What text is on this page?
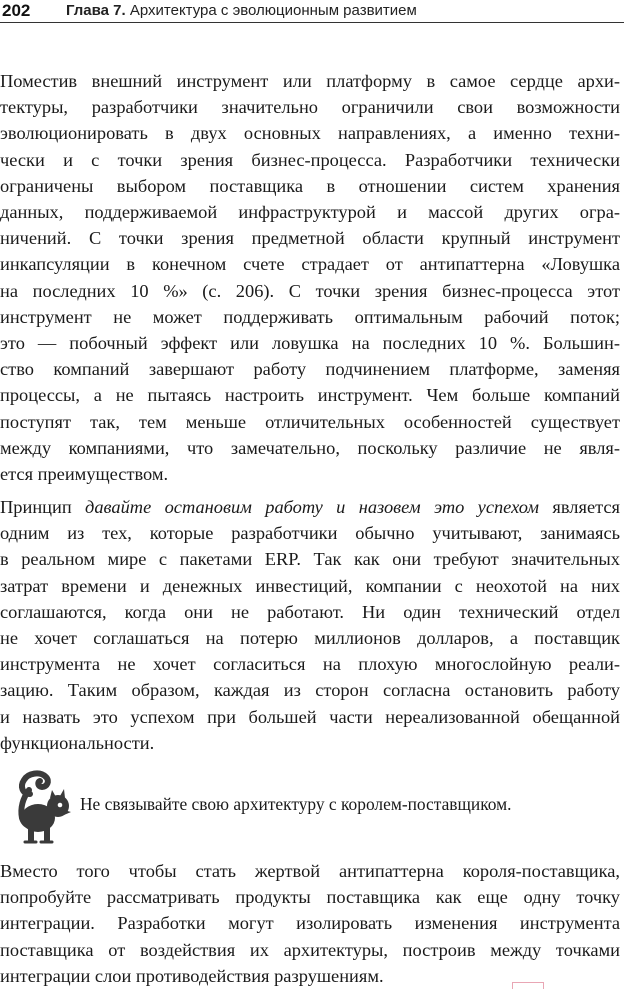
202 Глава 7. Архитектура с эволюционным развитием

Поместив внешний инструмент или платформу в самое сердце архи-
тектуры, разработчики значительно ограничили свои возможности
эволюционировать в двух основных направлениях, а именно техни-
чески и с точки зрения бизнес-процесса. Разработчики технически
ограничены выбором поставщика в отношении систем хранения
данных, поддерживаемой инфраструктурой и массой других огра-
ничений. С точки зрения предметной области крупный инструмент
инкапсуляции в конечном счете страдает от антипаттерна «Ловушка
на последних 10 %» (с. 206). С точки зрения бизнес-процесса этот
инструмент не может поддерживать оптимальным рабочий поток;
это — побочный эффект или ловушка на последних 10 %. Большин-
ство компаний завершают работу подчинением платформе, заменяя
процессы, а не пытаясь настроить инструмент. Чем больше компаний
поступят так, тем меньше отличительных особенностей существует
между компаниями, что замечательно, поскольку различие не явля-
ется преимуществом.

Принцип давайте остановим работу и назовем это успехом является
одним из тех, которые разработчики обычно учитывают, занимаясь
в реальном мире с пакетами ERP. Так как они требуют значительных
затрат времени и денежных инвестиций, компании с неохотой на них
соглашаются, когда они не работают. Ни один технический отдел
не хочет соглашаться на потерю миллионов долларов, а поставщик
инструмента не хочет согласиться на плохую многослойную реали-
зацию. Таким образом, каждая из сторон согласна остановить работу
и назвать это успехом при большей части нереализованной обещанной
функциональности.

Не связывайте свою архитектуру с королем-поставщиком.

Вместо того чтобы стать жертвой антипаттерна короля-поставщика,
попробуйте рассматривать продукты поставщика как еще одну точку
интеграции. Разработки могут изолировать изменения инструмента
поставщика от воздействия их архитектуры, построив между точками
интеграции слои противодействия разрушениям.
